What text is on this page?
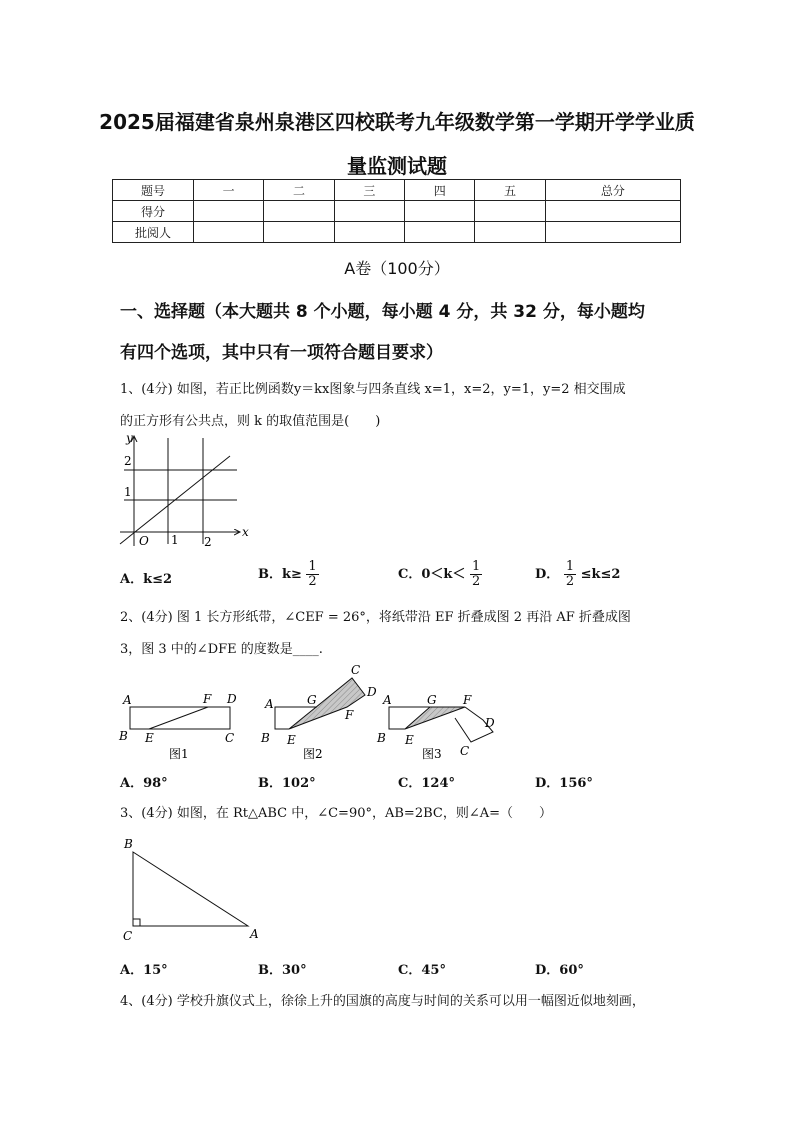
2025届福建省泉州泉港区四校联考九年级数学第一学期开学学业质
量监测试题
题号	一	二	三	四	五	总分
得分						
批阅人						
A卷（100分）
一、选择题（本大题共 8 个小题，每小题 4 分，共 32 分，每小题均
有四个选项，其中只有一项符合题目要求）
1、(4分) 如图，若正比例函数y＝kx图象与四条直线 x=1，x=2，y=1，y=2 相交围成
的正方形有公共点，则 k 的取值范围是(　　)
y
x
O 1 2
1
2
A．k≤2	B．$k\ge \frac{1}{2}$	C．$0<k< \frac{1}{2}$	D． $\frac{1}{2} \le k\le 2$
2、(4分) 图 1 长方形纸带，∠CEF = 26°，将纸带沿 EF 折叠成图 2 再沿 AF 折叠成图
3，图 3 中的∠DFE 的度数是____.
A
B E
F D
C
图1
A
B E
G
C
D
F
图2
A
B E
G F
D
C
图3
A．98°	B．102°	C．124°	D．156°
3、(4分) 如图，在 Rt△ABC 中，∠C=90°，AB=2BC，则∠A=（　　）
B
C	A
A．15°	B．30°	C．45°	D．60°
4、(4分) 学校升旗仪式上，徐徐上升的国旗的高度与时间的关系可以用一幅图近似地刻画，
